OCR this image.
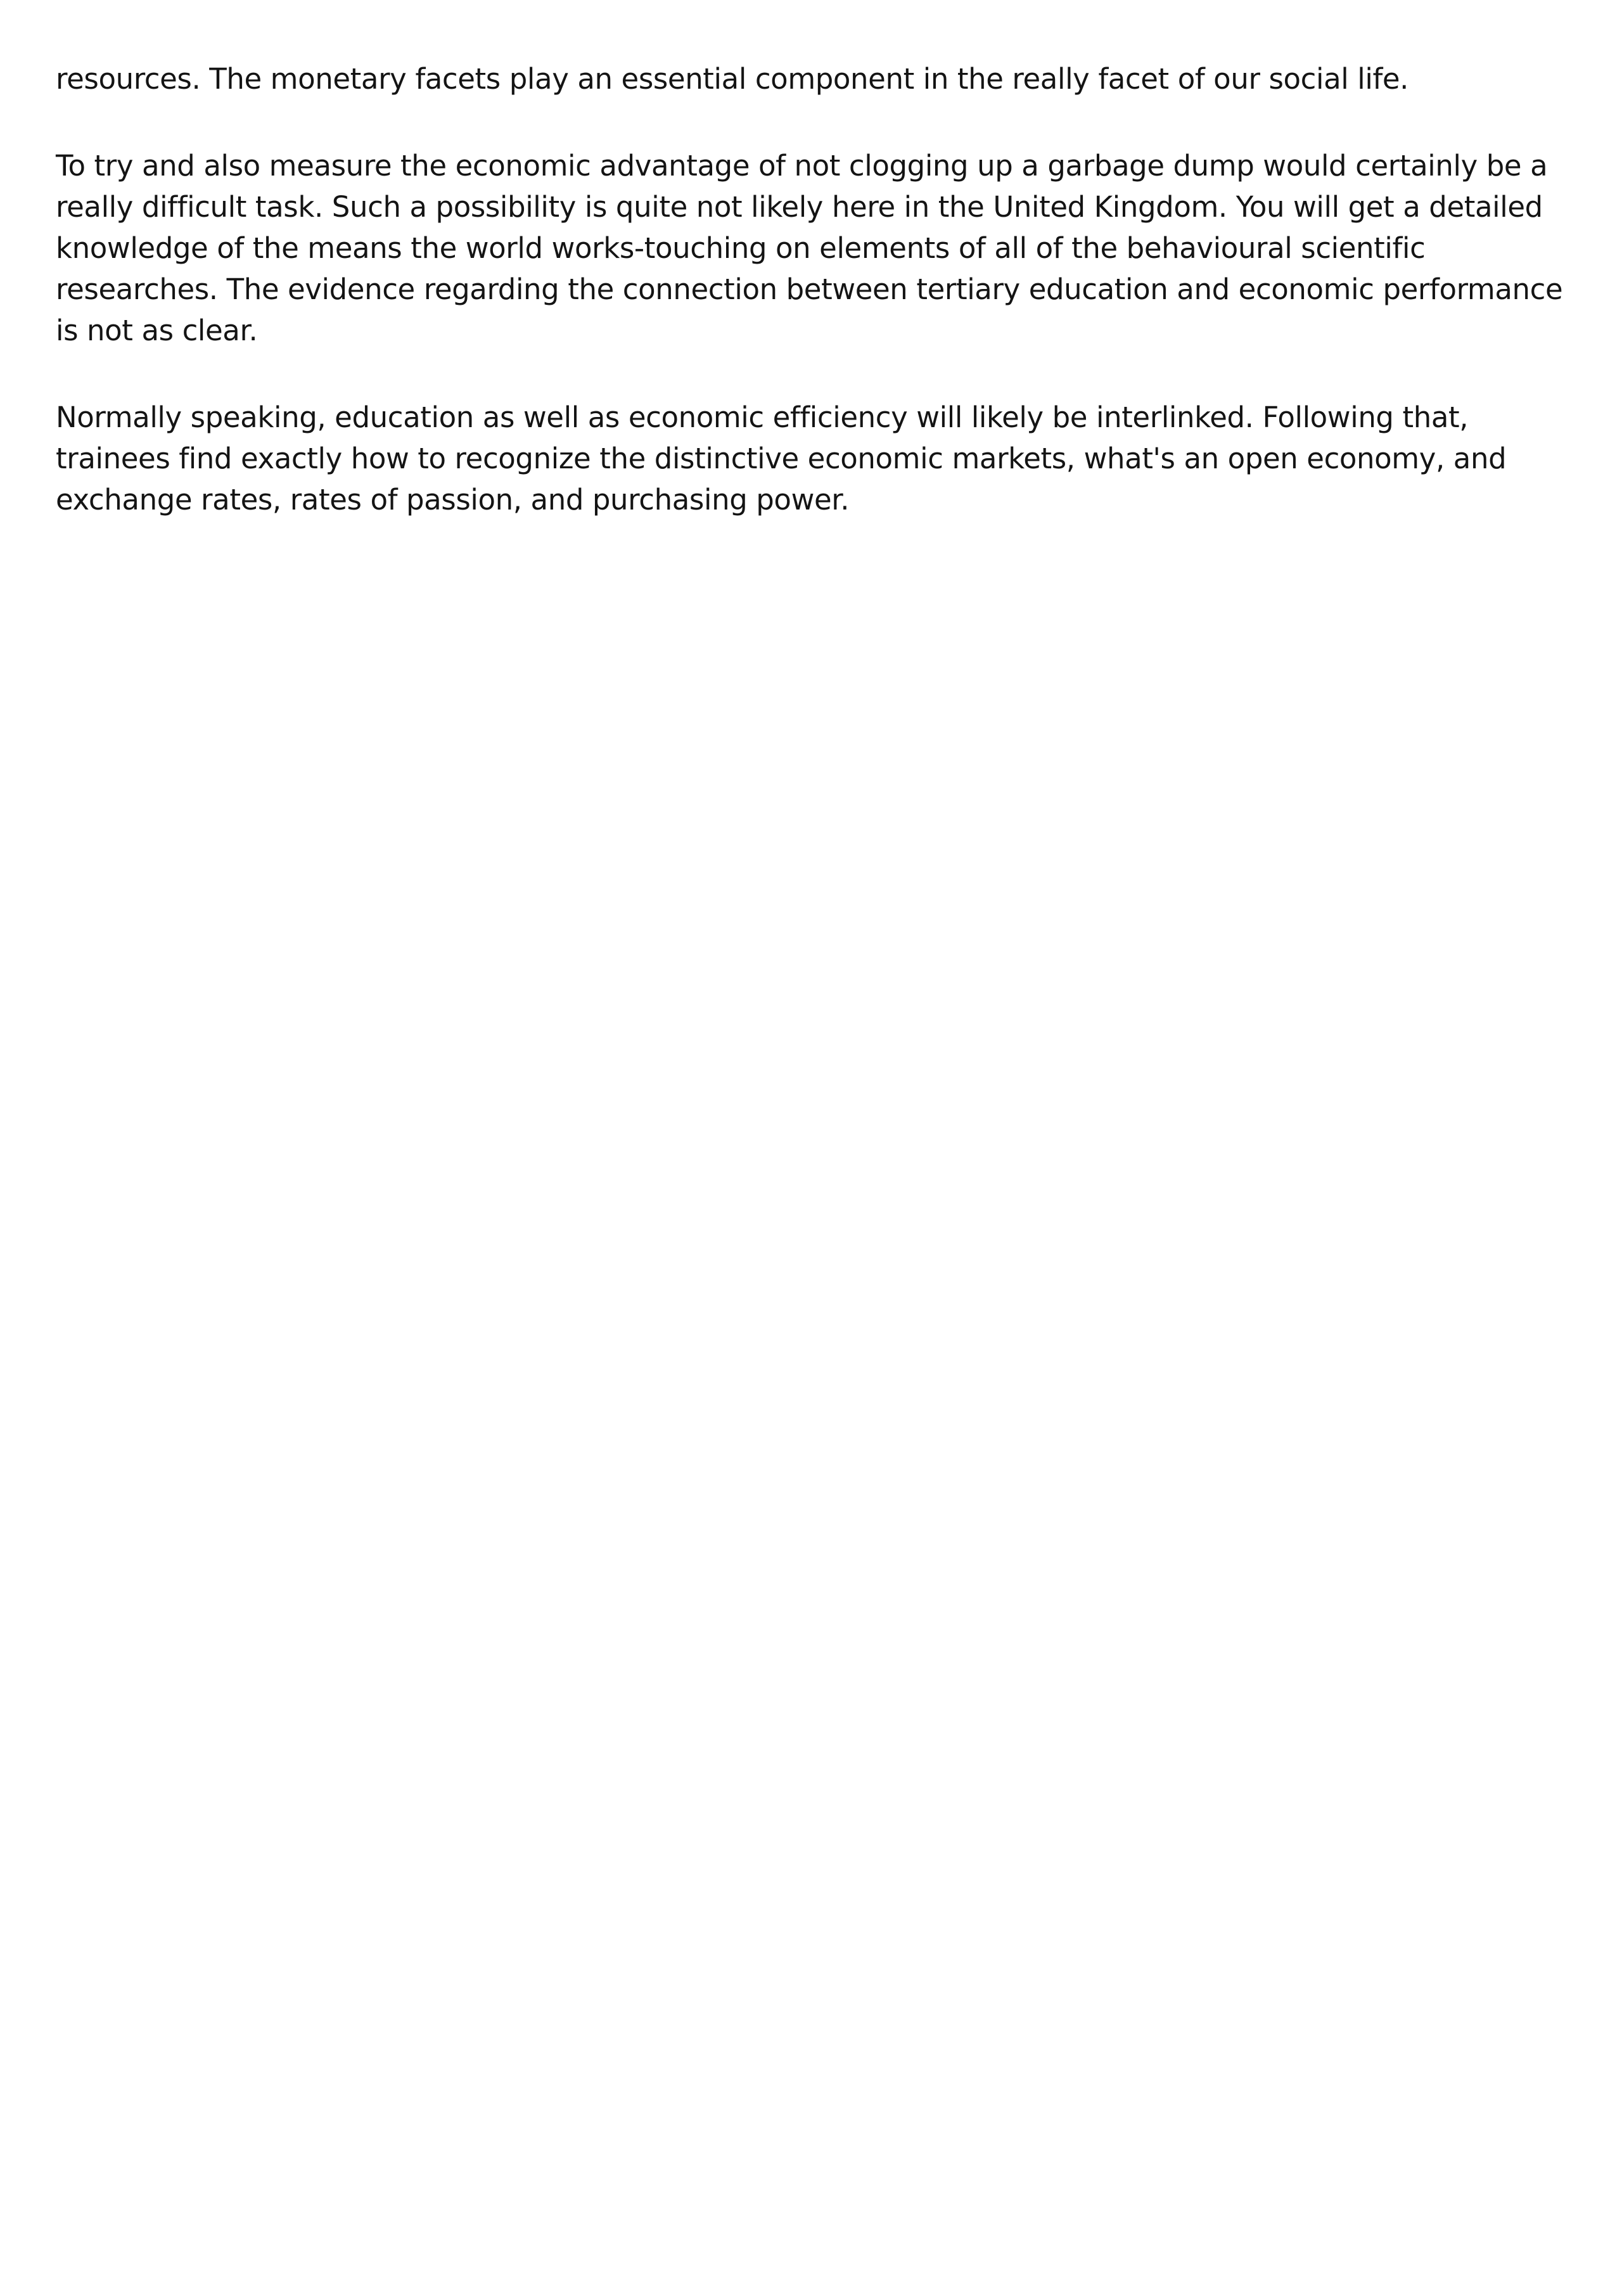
resources. The monetary facets play an essential component in the really facet of our social life.

To try and also measure the economic advantage of not clogging up a garbage dump would certainly be a really difficult task. Such a possibility is quite not likely here in the United Kingdom. You will get a detailed knowledge of the means the world works-touching on elements of all of the behavioural scientific researches. The evidence regarding the connection between tertiary education and economic performance is not as clear.

Normally speaking, education as well as economic efficiency will likely be interlinked. Following that, trainees find exactly how to recognize the distinctive economic markets, what's an open economy, and exchange rates, rates of passion, and purchasing power.
